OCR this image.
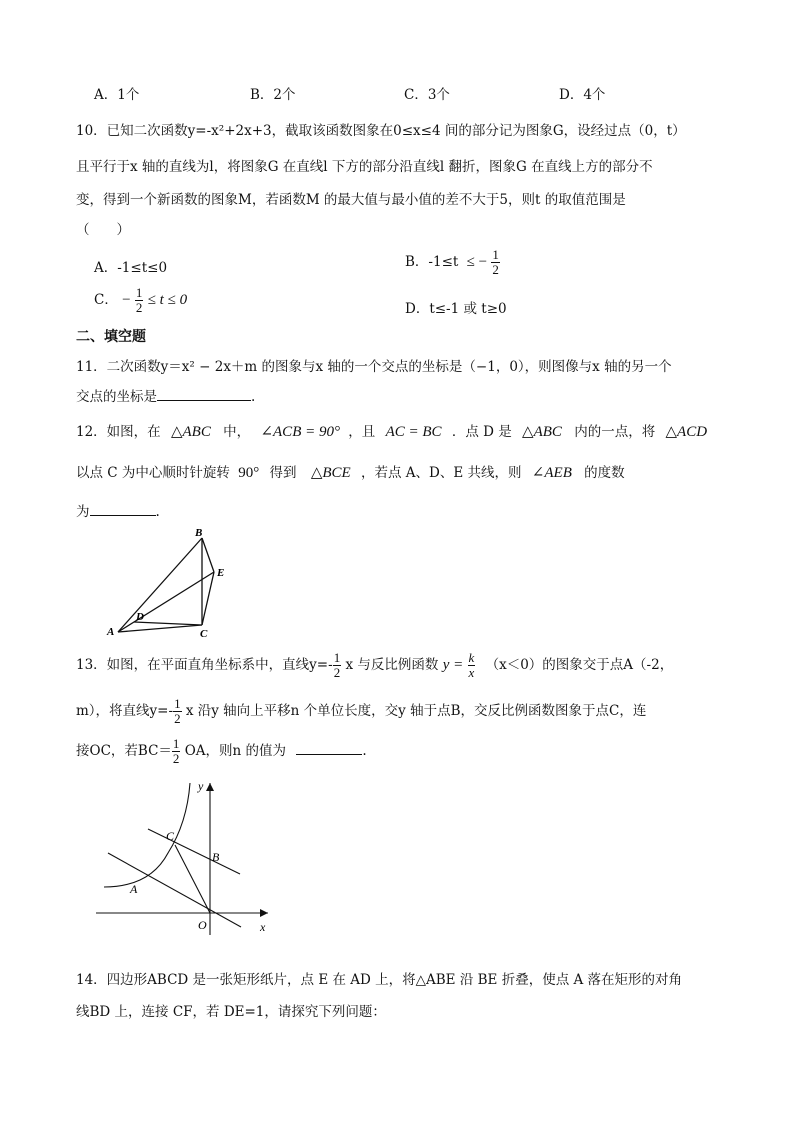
A．1个	B．2个	C．3个	D．4个
10．已知二次函数y=-x²+2x+3，截取该函数图象在0≤x≤4 间的部分记为图象G，设经过点（0，t）
且平行于x 轴的直线为l，将图象G 在直线l 下方的部分沿直线l 翻折，图象G 在直线上方的部分不
变，得到一个新函数的图象M，若函数M 的最大值与最小值的差不大于5，则t 的取值范围是
（　　）
A．-1≤t≤0	B．-1≤t ≤ − $\frac{1}{2}$
C． − $\frac{1}{2} \le t \le 0$
D．t≤-1 或 t≥0
二、填空题
11．二次函数y＝x² − 2x＋m 的图象与x 轴的一个交点的坐标是（−1，0），则图像与x 轴的另一个
交点的坐标是	.
12．如图，在 △ABC 中， ∠ACB = 90° ，且 AC = BC ．点 D 是 △ABC 内的一点，将 △ACD
以点 C 为中心顺时针旋转 90° 得到 △BCE ，若点 A、D、E 共线，则 ∠AEB 的度数
为	.
A
B
C
D
E
13．如图，在平面直角坐标系中，直线$y=- \frac{1}{2}$ x 与反比例函数 $y = \frac{k}{x} (x<0)$的图象交于点A（-2，
m），将直线$y=- \frac{1}{2}$ x 沿y 轴向上平移n 个单位长度，交y 轴于点B，交反比例函数图象于点C，连
接OC，若$BC= \frac{1}{2}$ OA，则n 的值为	.
y
x
O
A
B
C
14．四边形ABCD 是一张矩形纸片，点 E 在 AD 上，将△ABE 沿 BE 折叠，使点 A 落在矩形的对角
线BD 上，连接 CF，若 DE=1，请探究下列问题：
